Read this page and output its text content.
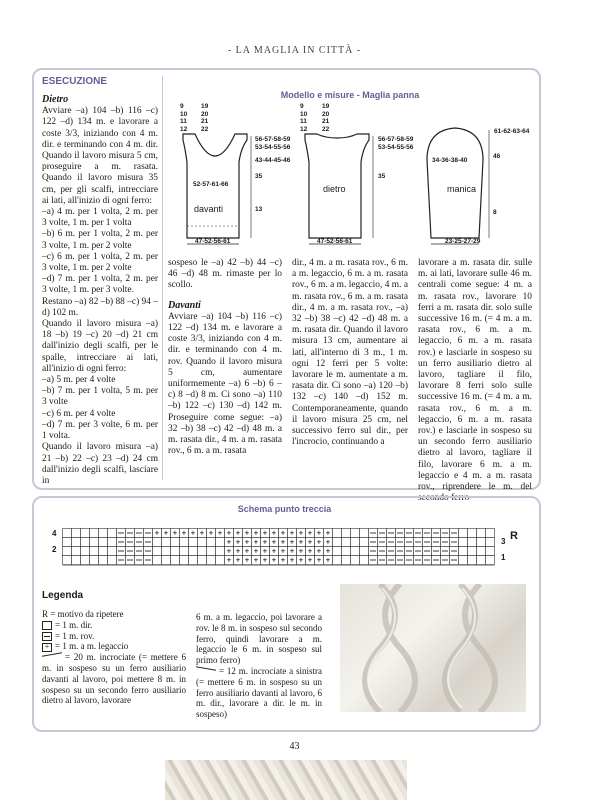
- LA MAGLIA IN CITTÀ -
ESECUZIONE

Dietro

Avviare –a) 104 –b) 116 –c) 122 –d) 134 m. e lavorare a coste 3/3, iniziando con 4 m. dir. e terminando con 4 m. dir. Quando il lavoro misura 5 cm, proseguire a m. rasata. Quando il lavoro misura 35 cm, per gli scalfi, intrecciare ai lati, all'inizio di ogni ferro:

–a) 4 m. per 1 volta, 2 m. per 3 volte, 1 m. per 1 volta

–b) 6 m. per 1 volta, 2 m. per 3 volte, 1 m. per 2 volte

–c) 6 m. per 1 volta, 2 m. per 3 volte, 1 m. per 2 volte

–d) 7 m. per 1 volta, 2 m. per 3 volte, 1 m. per 3 volte.

Restano –a) 82 –b) 88 –c) 94 –d) 102 m.

Quando il lavoro misura –a) 18 –b) 19 –c) 20 –d) 21 cm dall'inizio degli scalfi, per le spalle, intrecciare ai lati, all'inizio di ogni ferro:

–a) 5 m. per 4 volte

–b) 7 m. per 1 volta, 5 m. per 3 volte

–c) 6 m. per 4 volte

–d) 7 m. per 3 volte, 6 m. per 1 volta.

Quando il lavoro misura –a) 21 –b) 22 –c) 23 –d) 24 cm dall'inizio degli scalfi, lasciare in

Modello e misure - Maglia panna
9
10
11
12
19
20
21
22
56-57-58-59
53-54-55-56
43-44-45-46
35
13
52-57-61-66
davanti
47-52-56-61
9
10
11
12
19
20
21
22
56-57-58-59
53-54-55-56
35
dietro
47-52-56-61
61-62-63-64
46
34-36-38-40
manica
8
23-25-27-29

sospeso le –a) 42 –b) 44 –c) 46 –d) 48 m. rimaste per lo scollo.

Davanti

Avviare –a) 104 –b) 116 –c) 122 –d) 134 m. e lavorare a coste 3/3, iniziando con 4 m. dir. e terminando con 4 m. rov. Quando il lavoro misura 5 cm, aumentare uniformemente –a) 6 –b) 6 –c) 8 –d) 8 m. Ci sono –a) 110 –b) 122 –c) 130 –d) 142 m. Proseguire come segue: –a) 32 –b) 38 –c) 42 –d) 48 m. a m. rasata dir., 4 m. a m. rasata rov., 6 m. a m. rasata

dir., 4 m. a m. rasata rov., 6 m. a m. legaccio, 6 m. a m. rasata rov., 6 m. a m. legaccio, 4 m. a m. rasata rov., 6 m. a m. rasata dir., 4 m. a m. rasata rov., –a) 32 –b) 38 –c) 42 –d) 48 m. a m. rasata dir. Quando il lavoro misura 13 cm, aumentare ai lati, all'interno di 3 m., 1 m. ogni 12 ferri per 5 volte: lavorare le m. aumentate a m. rasata dir. Ci sono –a) 120 –b) 132 –c) 140 –d) 152 m. Contemporaneamente, quando il lavoro misura 25 cm, nel successivo ferro sul dir., per l'incrocio, continuando a

lavorare a m. rasata dir. sulle m. ai lati, lavorare sulle 46 m. centrali come segue: 4 m. a m. rasata rov., lavorare 10 ferri a m. rasata dir. solo sulle successive 16 m. (= 4 m. a m. rasata rov., 6 m. a m. legaccio, 6 m. a m. rasata rov.) e lasciarle in sospeso su un ferro ausiliario dietro al lavoro, tagliare il filo, lavorare 8 ferri solo sulle successive 16 m. (= 4 m. a m. rasata rov., 6 m. a m. legaccio, 6 m. a m. rasata rov.) e lasciarle in sospeso su un secondo ferro ausiliario dietro al lavoro, tagliare il filo, lavorare 6 m. a m. legaccio e 4 m. a m. rasata rov., riprendere le m. del secondo ferro

Schema punto treccia
4
2
3
1
R
+ + + + + + + + + + + + + + + + + + + +
+ + + + + + + + + + + +
+ + + + + + + + + + + +
+ + + + + + + + + + + +
Legenda

R = motivo da ripetere

= 1 m. dir.

= 1 m. rov.

+ = 1 m. a m. legaccio

= 20 m. incrociate (= mettere 6 m. in sospeso su un ferro ausiliario davanti al lavoro, poi mettere 8 m. in sospeso su un secondo ferro ausiliario dietro al lavoro, lavorare

6 m. a m. legaccio, poi lavorare a rov. le 8 m. in sospeso sul secondo ferro, quindi lavorare a m. legaccio le 6 m. in sospeso sul primo ferro)

= 12 m. incrociate a sinistra (= mettere 6 m. in sospeso su un ferro ausiliario davanti al lavoro, 6 m. dir., lavorare a dir. le m. in sospeso)

43
